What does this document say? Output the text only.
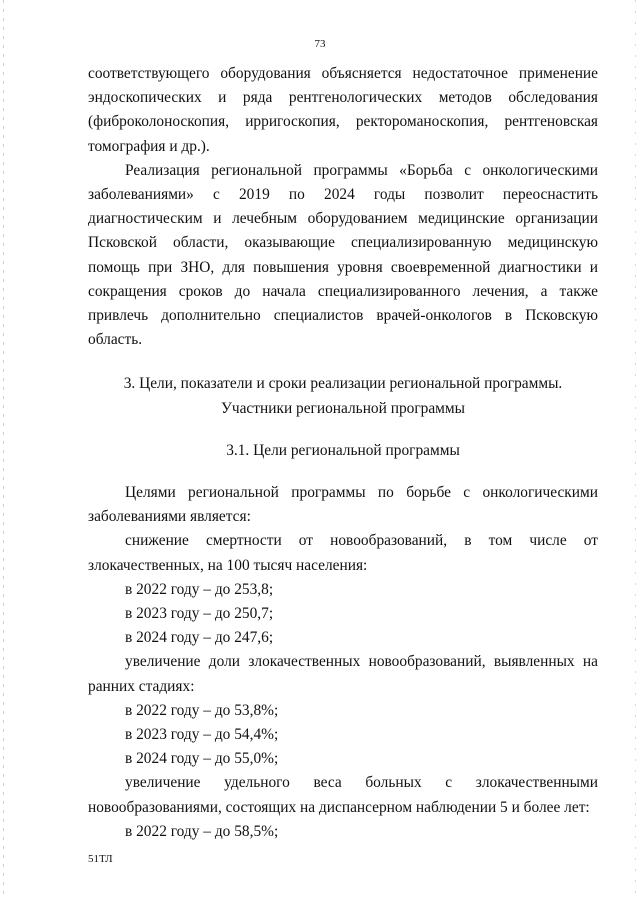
73

соответствующего оборудования объясняется недостаточное применение эндоскопических и ряда рентгенологических методов обследования (фиброколоноскопия, ирригоскопия, ректороманоскопия, рентгеновская томография и др.).

Реализация региональной программы «Борьба с онкологическими заболеваниями» с 2019 по 2024 годы позволит переоснастить диагностическим и лечебным оборудованием медицинские организации Псковской области, оказывающие специализированную медицинскую помощь при ЗНО, для повышения уровня своевременной диагностики и сокращения сроков до начала специализированного лечения, а также привлечь дополнительно специалистов врачей-онкологов в Псковскую область.

3. Цели, показатели и сроки реализации региональной программы.

Участники региональной программы

3.1. Цели региональной программы

Целями региональной программы по борьбе с онкологическими заболеваниями является:

снижение смертности от новообразований, в том числе от злокачественных, на 100 тысяч населения:

в 2022 году – до 253,8;

в 2023 году – до 250,7;

в 2024 году – до 247,6;

увеличение доли злокачественных новообразований, выявленных на ранних стадиях:

в 2022 году – до 53,8%;

в 2023 году – до 54,4%;

в 2024 году – до 55,0%;

увеличение удельного веса больных с злокачественными новообразованиями, состоящих на диспансерном наблюдении 5 и более лет:

в 2022 году – до 58,5%;

51ТЛ
